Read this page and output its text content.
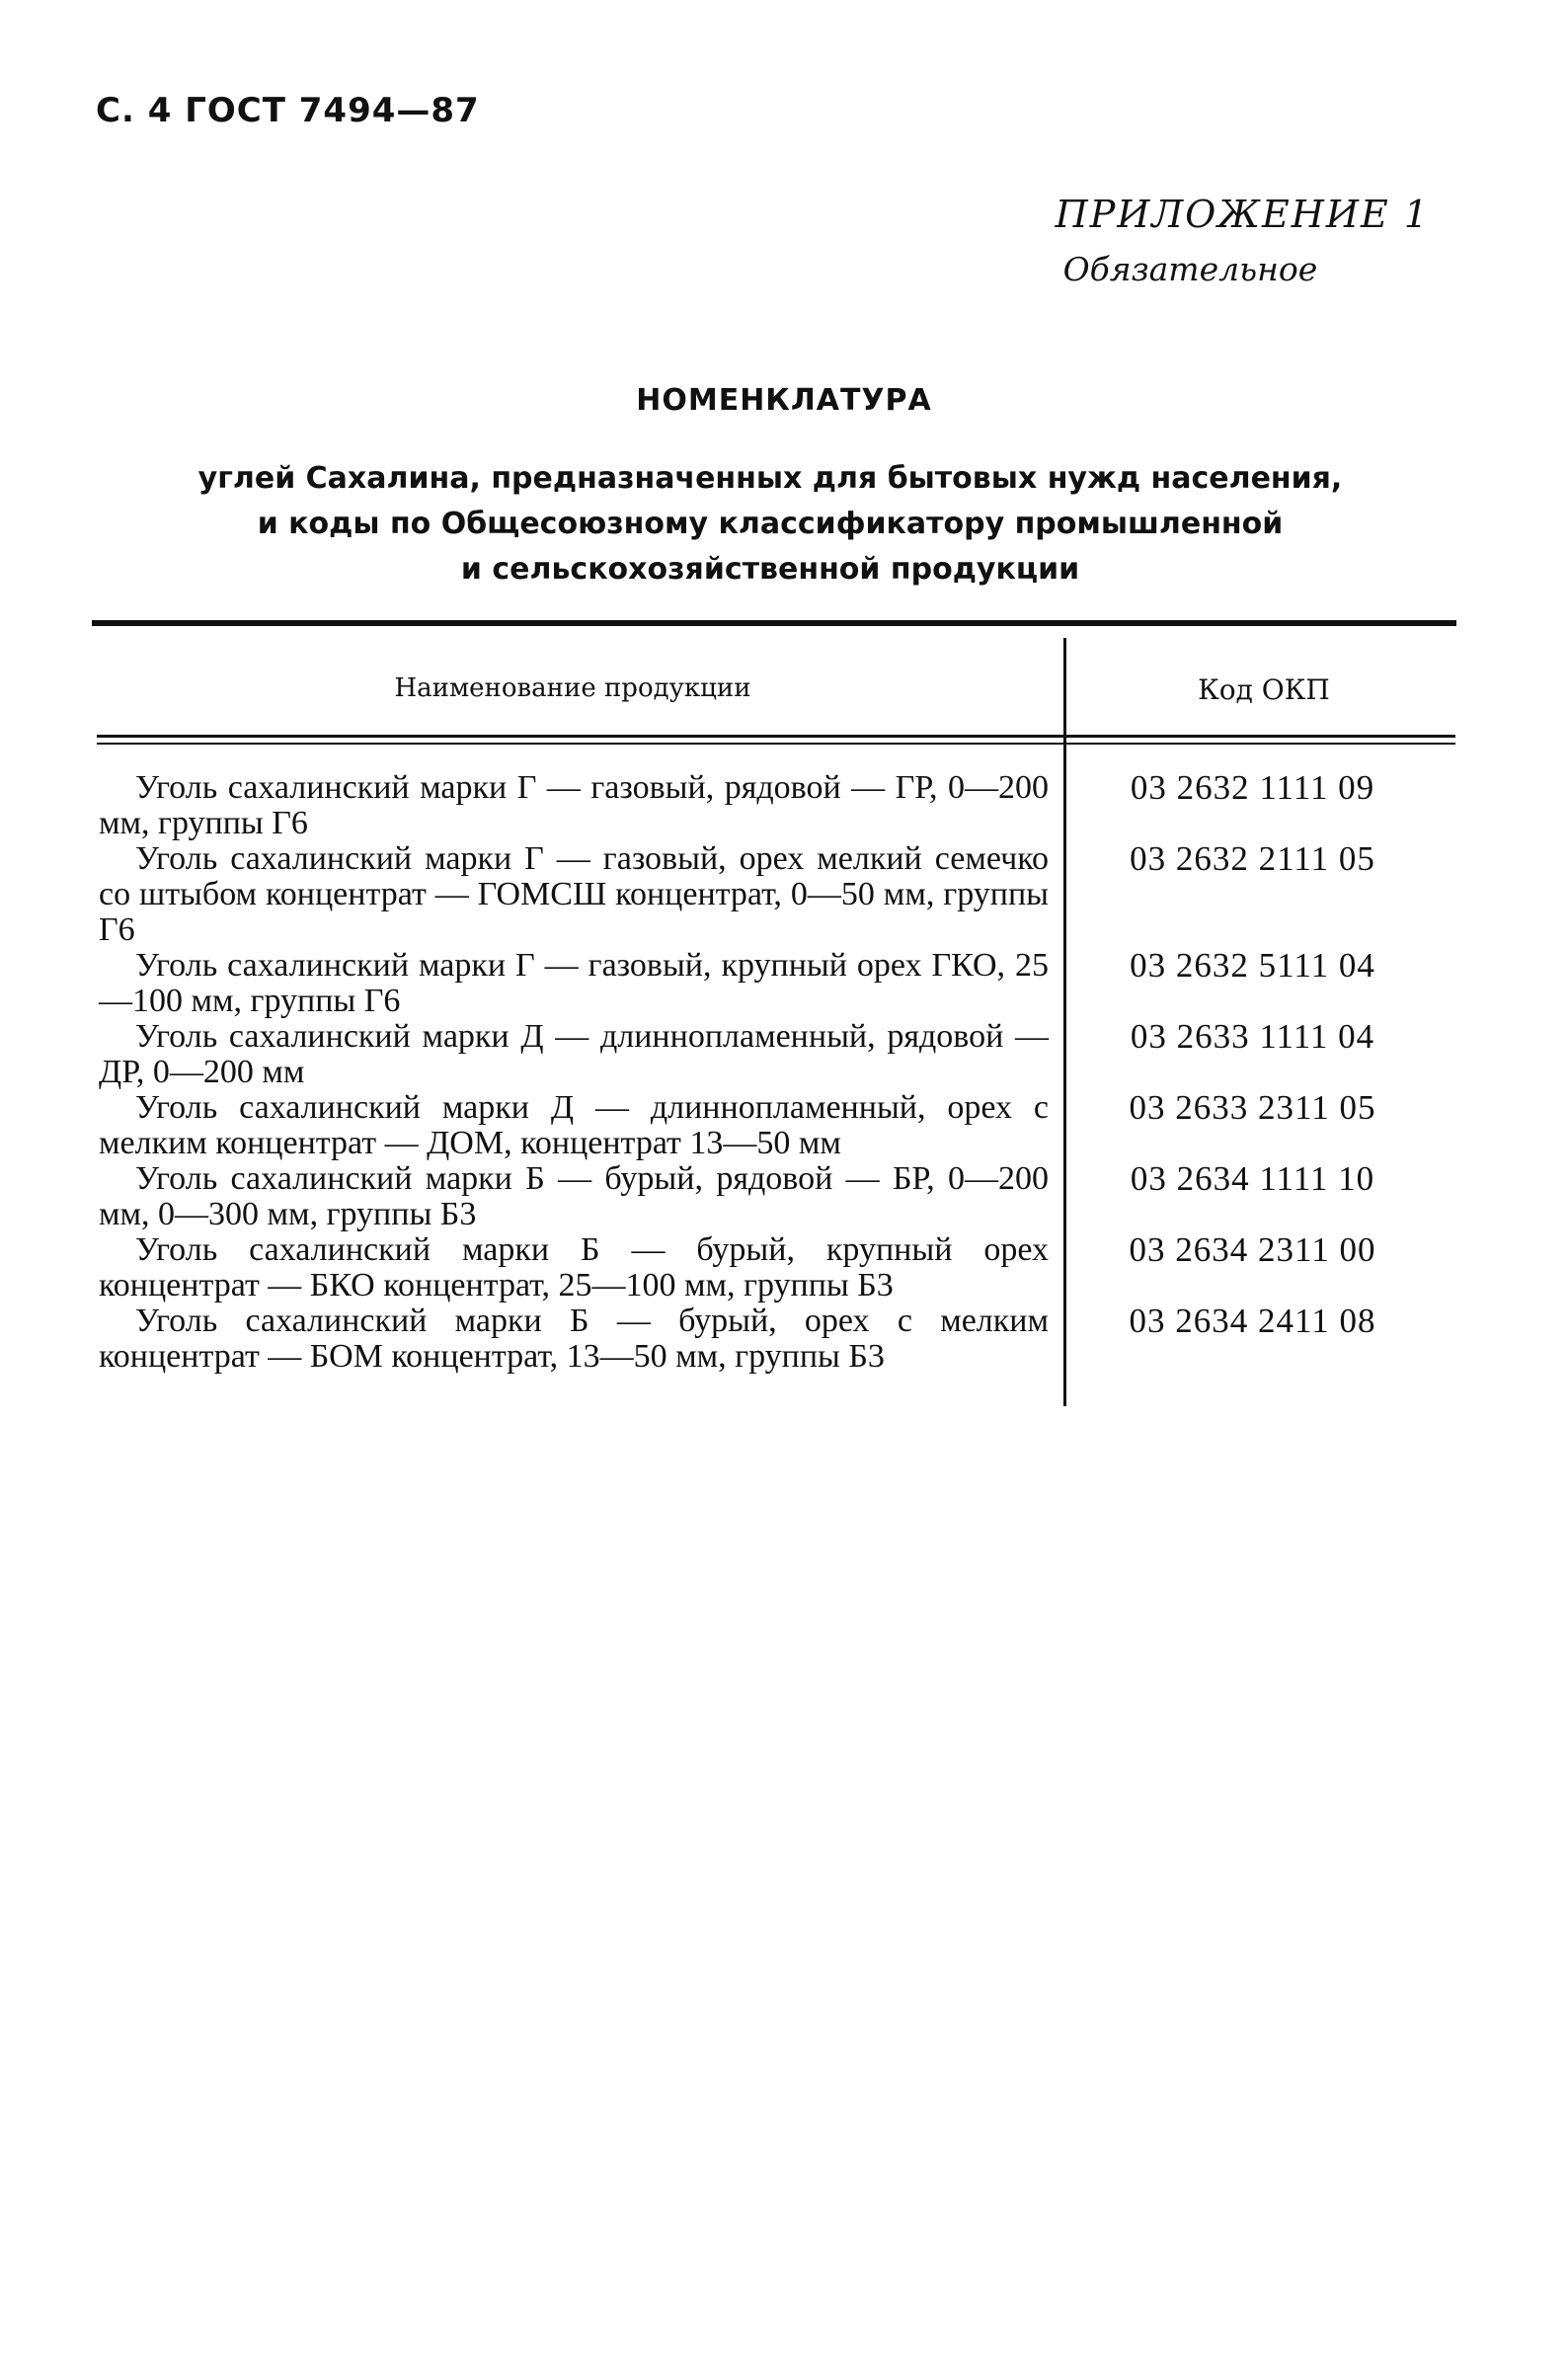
С. 4 ГОСТ 7494—87
ПРИЛОЖЕНИЕ 1
Обязательное
НОМЕНКЛАТУРА
углей Сахалина, предназначенных для бытовых нужд населения,
и коды по Общесоюзному классификатору промышленной
и сельскохозяйственной продукции
Наименование продукции	Код ОКП
Уголь сахалинский марки Г — газовый, рядовой — ГР, 0—200 мм, группы Г6
03 2632 1111 09
Уголь сахалинский марки Г — газовый, орех мелкий семечко со штыбом концентрат — ГОМСШ концентрат, 0—50 мм, группы Г6
03 2632 2111 05
Уголь сахалинский марки Г — газовый, крупный орех ГКО, 25—100 мм, группы Г6
03 2632 5111 04
Уголь сахалинский марки Д — длиннопламенный, рядовой — ДР, 0—200 мм
03 2633 1111 04
Уголь сахалинский марки Д — длиннопламенный, орех с мелким концентрат — ДОМ, концентрат 13—50 мм
03 2633 2311 05
Уголь сахалинский марки Б — бурый, рядовой — БР, 0—200 мм, 0—300 мм, группы Б3
03 2634 1111 10
Уголь сахалинский марки Б — бурый, крупный орех концентрат — БКО концентрат, 25—100 мм, группы Б3
03 2634 2311 00
Уголь сахалинский марки Б — бурый, орех с мелким концентрат — БОМ концентрат, 13—50 мм, группы Б3
03 2634 2411 08
